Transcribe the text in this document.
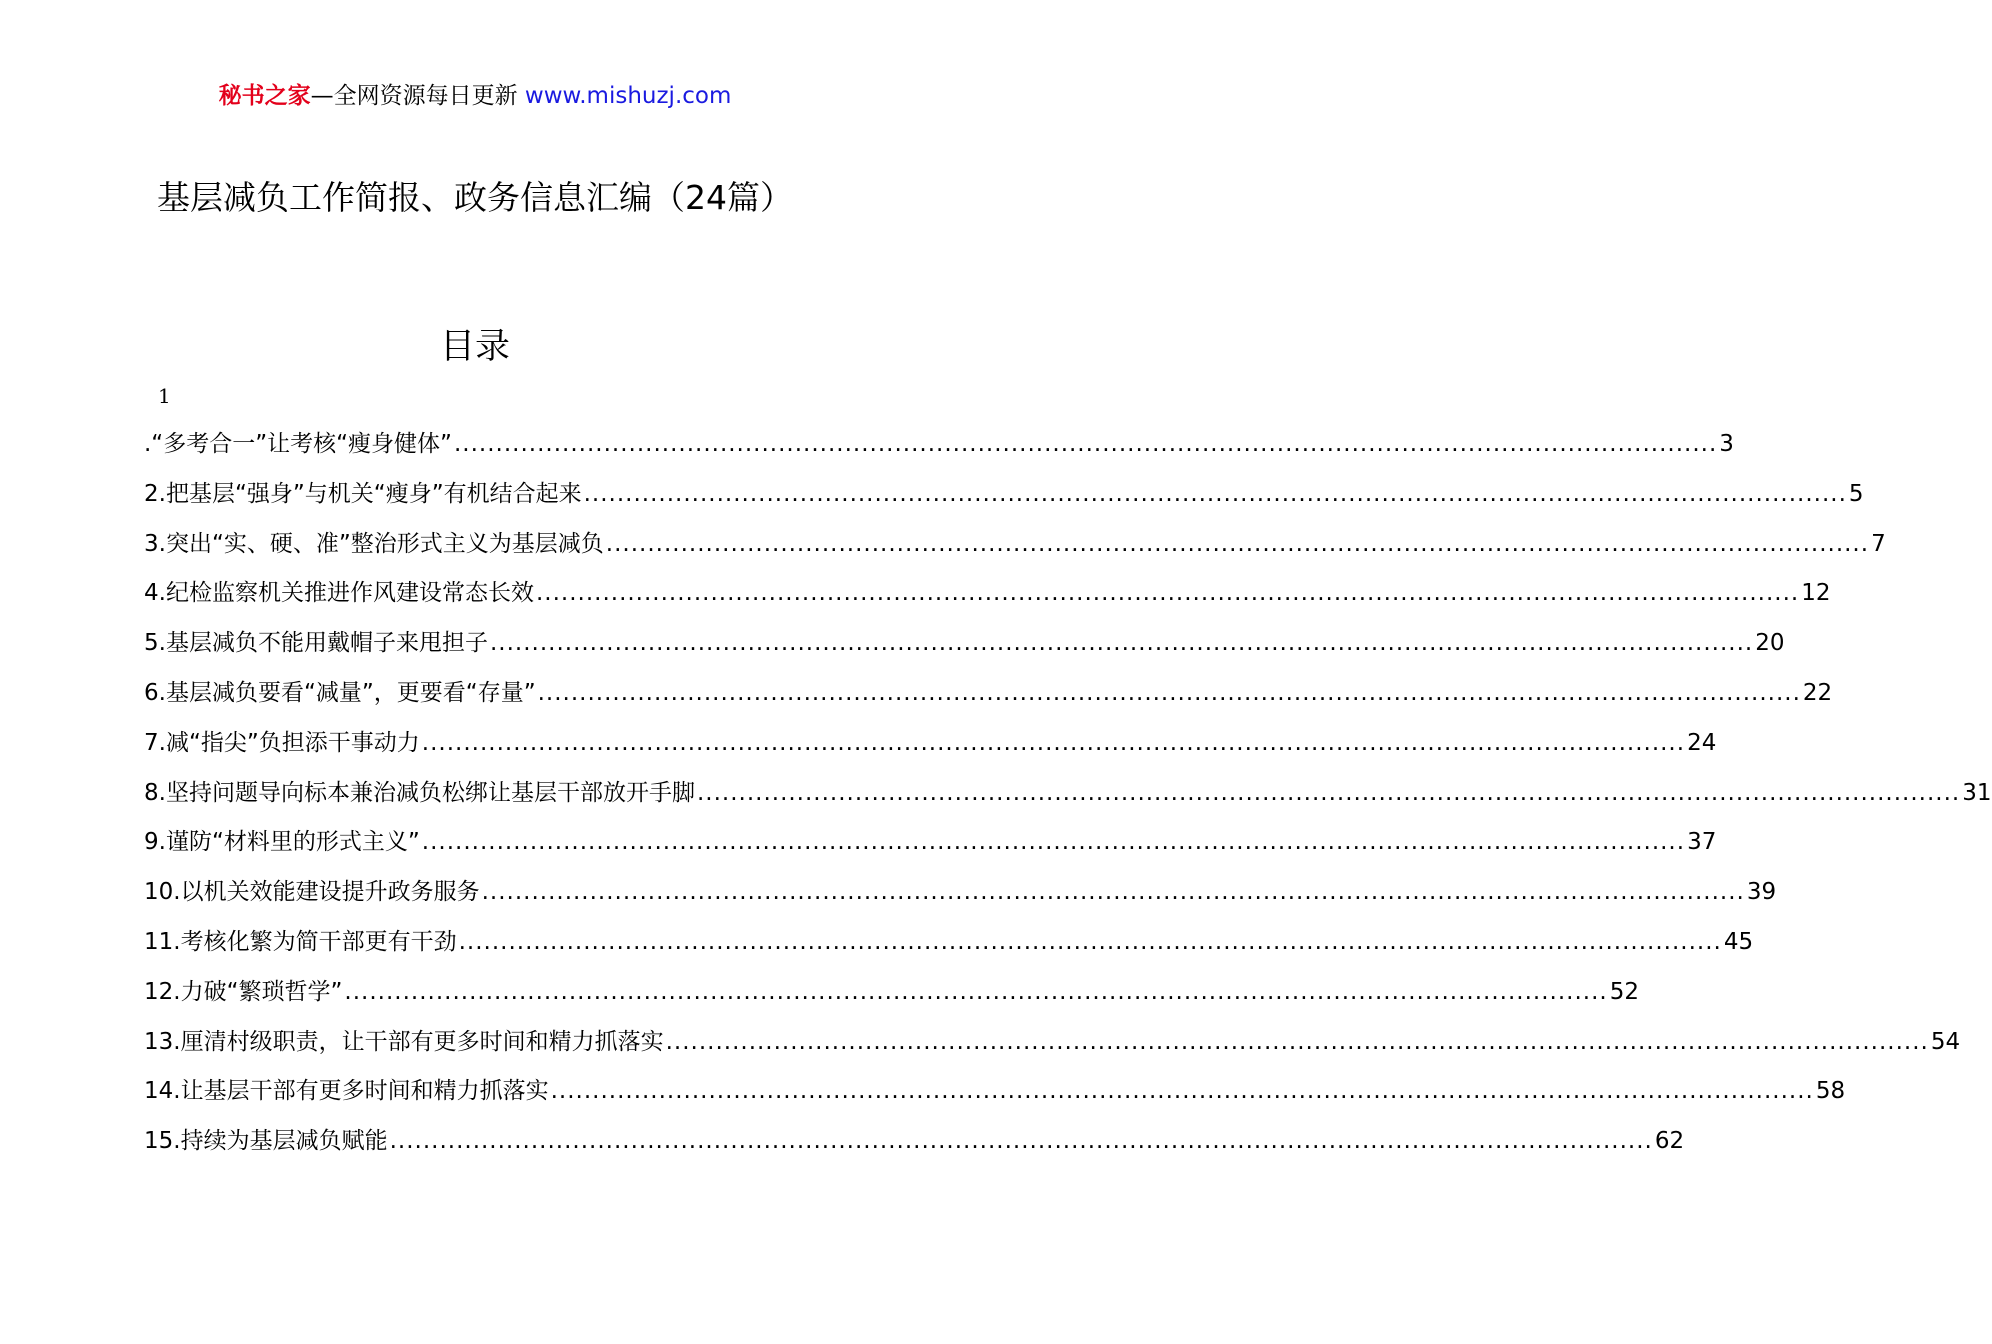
秘书之家—全网资源每日更新 www.mishuzj.com
基层减负工作简报、政务信息汇编（24篇）
目录
1
.“多考合一”让考核“瘦身健体” ........................................................................................................................................................ 3
2.把基层“强身”与机关“瘦身”有机结合起来 ........................................................................................................................................................ 5
3.突出“实、硬、准”整治形式主义为基层减负 ........................................................................................................................................................ 7
4.纪检监察机关推进作风建设常态长效 ........................................................................................................................................................ 12
5.基层减负不能用戴帽子来甩担子 ........................................................................................................................................................ 20
6.基层减负要看“减量”，更要看“存量” ........................................................................................................................................................ 22
7.减“指尖”负担添干事动力 ........................................................................................................................................................ 24
8.坚持问题导向标本兼治减负松绑让基层干部放开手脚 ........................................................................................................................................................ 31
9.谨防“材料里的形式主义” ........................................................................................................................................................ 37
10.以机关效能建设提升政务服务 ........................................................................................................................................................ 39
11.考核化繁为简干部更有干劲 ........................................................................................................................................................ 45
12.力破“繁琐哲学” ........................................................................................................................................................ 52
13.厘清村级职责，让干部有更多时间和精力抓落实 ........................................................................................................................................................ 54
14.让基层干部有更多时间和精力抓落实 ........................................................................................................................................................ 58
15.持续为基层减负赋能 ........................................................................................................................................................ 62
